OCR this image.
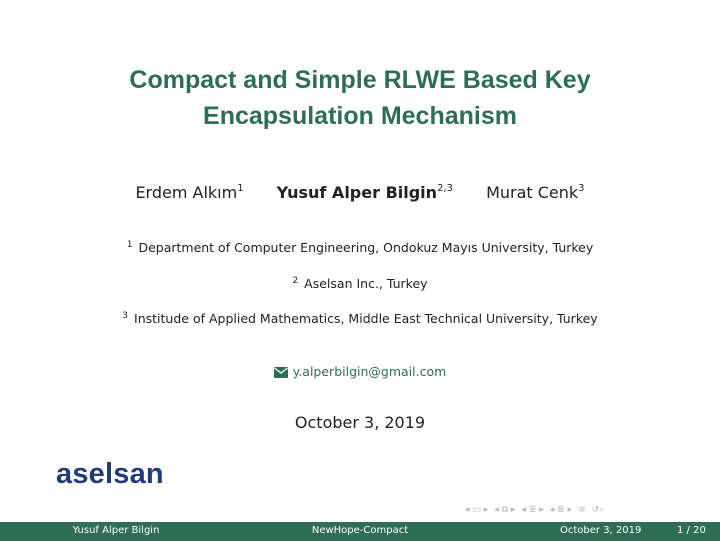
Compact and Simple RLWE Based Key
Encapsulation Mechanism
Erdem Alkım$^1$ Yusuf Alper Bilgin$^{2,3}$ Murat Cenk$^3$
$^1$ Department of Computer Engineering, Ondokuz Mayıs University, Turkey
$^2$ Aselsan Inc., Turkey
$^3$ Institude of Applied Mathematics, Middle East Technical University, Turkey
y.alperbilgin@gmail.com
October 3, 2019
aselsan
◂ ▭ ▸ ◂ ⧉ ▸ ◂ ≣ ▸ ◂ ≣ ▸ ≡ ↺⌕
Yusuf Alper Bilgin	NewHope-Compact	October 3, 2019	1 / 20
